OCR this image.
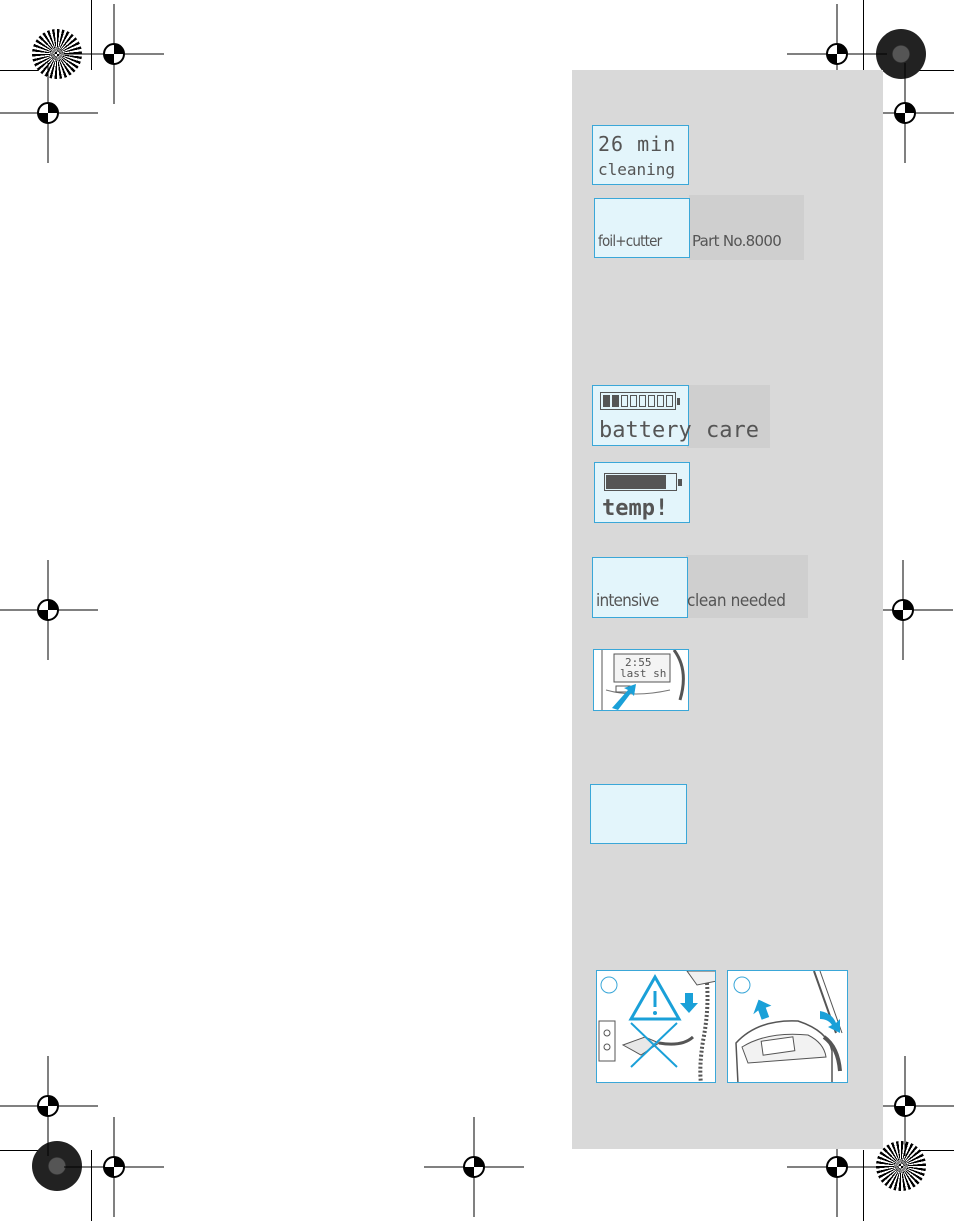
26 min
cleaning
foil+cutter Part No.8000
battery care
temp!
intensive clean needed
2:55
last sh
